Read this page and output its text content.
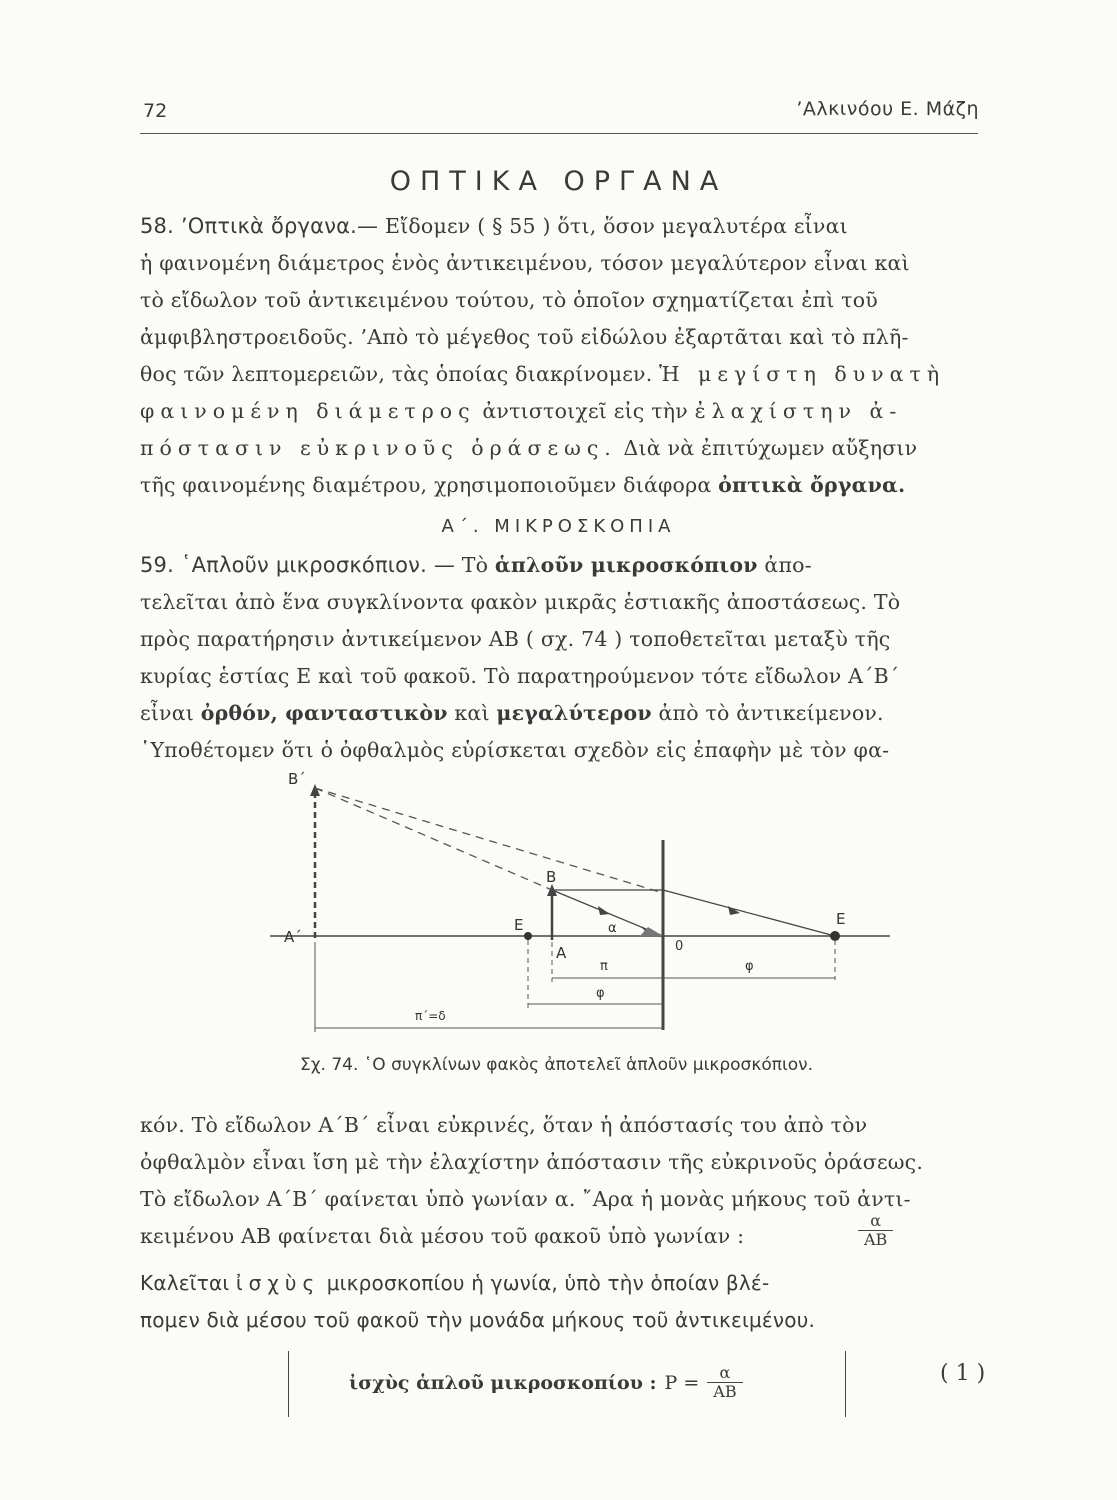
72	’Αλκινόου Ε. Μάζη
ΟΠΤΙΚΑ ΟΡΓΑΝΑ
58. ’Οπτικὰ ὄργανα.— Εἴδομεν ( § 55 ) ὅτι, ὅσον μεγαλυτέρα εἶναι
ἡ φαινομένη διάμετρος ἑνὸς ἀντικειμένου, τόσον μεγαλύτερον εἶναι καὶ
τὸ εἴδωλον τοῦ ἀντικειμένου τούτου, τὸ ὁποῖον σχηματίζεται ἐπὶ τοῦ
ἀμφιβληστροειδοῦς. ’Απὸ τὸ μέγεθος τοῦ εἰδώλου ἐξαρτᾶται καὶ τὸ πλῆ-
θος τῶν λεπτομερειῶν, τὰς ὁποίας διακρίνομεν. Ἡ μεγίστη δυνατὴ
φαινομένη διάμετρος ἀντιστοιχεῖ εἰς τὴν ἐλαχίστην ἀ-
πόστασιν εὐκρινοῦς ὁράσεως. Διὰ νὰ ἐπιτύχωμεν αὔξησιν
τῆς φαινομένης διαμέτρου, χρησιμοποιοῦμεν διάφορα ὀπτικὰ ὄργανα.
Α΄. ΜΙΚΡΟΣΚΟΠΙΑ
59. ῾Απλοῦν μικροσκόπιον. — Τὸ ἁπλοῦν μικροσκόπιον ἀπο-
τελεῖται ἀπὸ ἕνα συγκλίνοντα φακὸν μικρᾶς ἑστιακῆς ἀποστάσεως. Τὸ
πρὸς παρατήρησιν ἀντικείμενον ΑΒ ( σχ. 74 ) τοποθετεῖται μεταξὺ τῆς
κυρίας ἑστίας Ε καὶ τοῦ φακοῦ. Τὸ παρατηρούμενον τότε εἴδωλον Α΄Β΄
εἶναι ὀρθόν, φανταστικὸν καὶ μεγαλύτερον ἀπὸ τὸ ἀντικείμενον.
῾Υποθέτομεν ὅτι ὁ ὀφθαλμὸς εὑρίσκεται σχεδὸν εἰς ἐπαφὴν μὲ τὸν φα-
Β΄
Α΄
Β
Α
Ε	Ε
0
α
π
φ
φ
π΄=δ
Σχ. 74. ῾Ο συγκλίνων φακὸς ἀποτελεῖ ἁπλοῦν μικροσκόπιον.
κόν. Τὸ εἴδωλον Α΄Β΄ εἶναι εὐκρινές, ὅταν ἡ ἀπόστασίς του ἀπὸ τὸν
ὀφθαλμὸν εἶναι ἴση μὲ τὴν ἐλαχίστην ἀπόστασιν τῆς εὐκρινοῦς ὁράσεως.
Τὸ εἴδωλον Α΄Β΄ φαίνεται ὑπὸ γωνίαν α. ῎Αρα ἡ μονὰς μήκους τοῦ ἀντι-
κειμένου ΑΒ φαίνεται διὰ μέσου τοῦ φακοῦ ὑπὸ γωνίαν :	$\frac{\alpha}{AB}$
Καλεῖται ἰσχὺς μικροσκοπίου ἡ γωνία, ὑπὸ τὴν ὁποίαν βλέ-
πομεν διὰ μέσου τοῦ φακοῦ τὴν μονάδα μήκους τοῦ ἀντικειμένου.
ἰσχὺς ἁπλοῦ μικροσκοπίου : $P = \frac{\alpha}{AB}$	( 1 )
